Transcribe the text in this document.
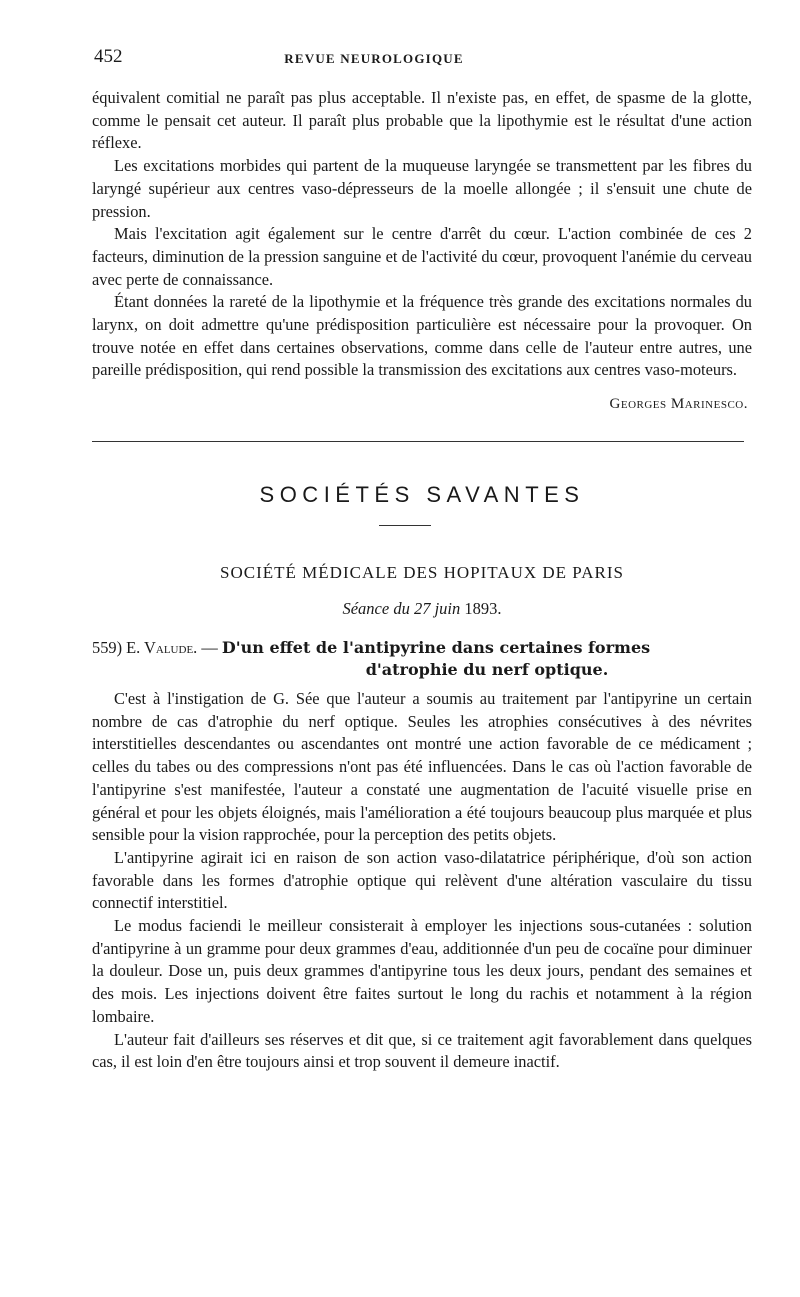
452	REVUE NEUROLOGIQUE

équivalent comitial ne paraît pas plus acceptable. Il n'existe pas, en effet, de spasme de la glotte, comme le pensait cet auteur. Il paraît plus probable que la lipothymie est le résultat d'une action réflexe.

Les excitations morbides qui partent de la muqueuse laryngée se transmettent par les fibres du laryngé supérieur aux centres vaso-dépresseurs de la moelle allongée ; il s'ensuit une chute de pression.

Mais l'excitation agit également sur le centre d'arrêt du cœur. L'action combinée de ces 2 facteurs, diminution de la pression sanguine et de l'activité du cœur, provoquent l'anémie du cerveau avec perte de connaissance.

Étant données la rareté de la lipothymie et la fréquence très grande des excitations normales du larynx, on doit admettre qu'une prédisposition particulière est nécessaire pour la provoquer. On trouve notée en effet dans certaines observations, comme dans celle de l'auteur entre autres, une pareille prédisposition, qui rend possible la transmission des excitations aux centres vaso-moteurs.

Georges Marinesco.
SOCIÉTÉS SAVANTES
SOCIÉTÉ MÉDICALE DES HOPITAUX DE PARIS
Séance du 27 juin 1893.
559) E. Valude. — D'un effet de l'antipyrine dans certaines formes
d'atrophie du nerf optique.

C'est à l'instigation de G. Sée que l'auteur a soumis au traitement par l'antipyrine un certain nombre de cas d'atrophie du nerf optique. Seules les atrophies consécutives à des névrites interstitielles descendantes ou ascendantes ont montré une action favorable de ce médicament ; celles du tabes ou des compressions n'ont pas été influencées. Dans le cas où l'action favorable de l'antipyrine s'est manifestée, l'auteur a constaté une augmentation de l'acuité visuelle prise en général et pour les objets éloignés, mais l'amélioration a été toujours beaucoup plus marquée et plus sensible pour la vision rapprochée, pour la perception des petits objets.

L'antipyrine agirait ici en raison de son action vaso-dilatatrice périphérique, d'où son action favorable dans les formes d'atrophie optique qui relèvent d'une altération vasculaire du tissu connectif interstitiel.

Le modus faciendi le meilleur consisterait à employer les injections sous-cutanées : solution d'antipyrine à un gramme pour deux grammes d'eau, additionnée d'un peu de cocaïne pour diminuer la douleur. Dose un, puis deux grammes d'antipyrine tous les deux jours, pendant des semaines et des mois. Les injections doivent être faites surtout le long du rachis et notamment à la région lombaire.

L'auteur fait d'ailleurs ses réserves et dit que, si ce traitement agit favorablement dans quelques cas, il est loin d'en être toujours ainsi et trop souvent il demeure inactif.
